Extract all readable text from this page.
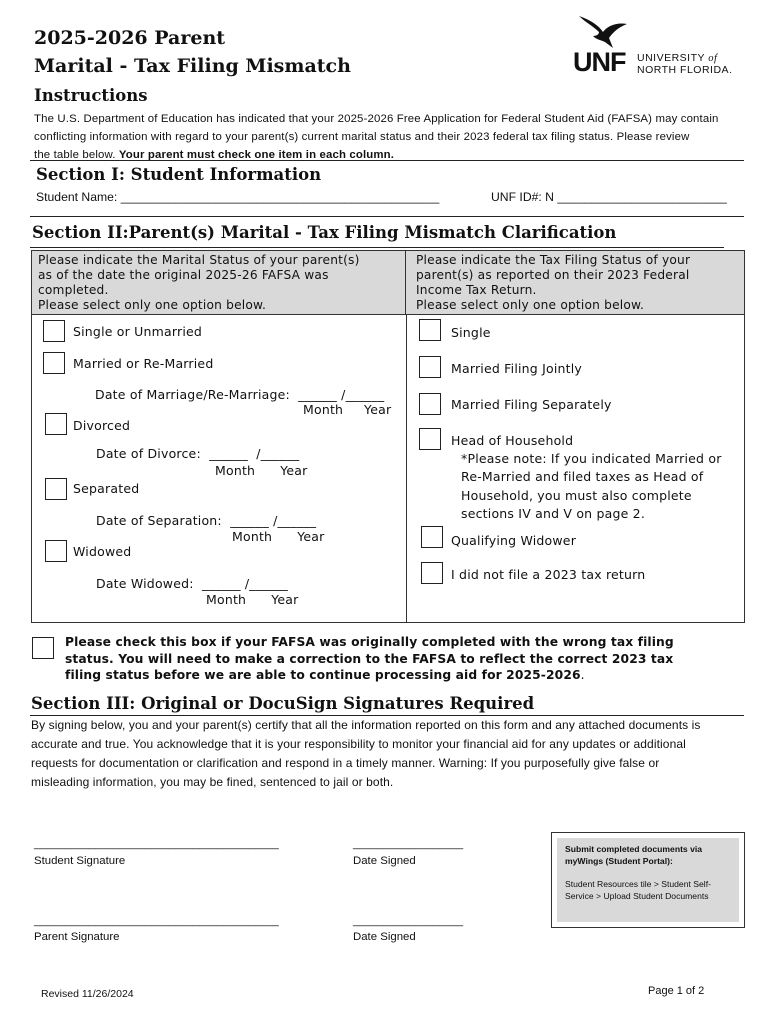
2025-2026 Parent
Marital - Tax Filing Mismatch	UNF UNIVERSITY of
NORTH FLORIDA.
Instructions
The U.S. Department of Education has indicated that your 2025-2026 Free Application for Federal Student Aid (FAFSA) may contain
conflicting information with regard to your parent(s) current marital status and their 2023 federal tax filing status. Please review
the table below. Your parent must check one item in each column.
Section I: Student Information
Student Name: _______________________________________________	UNF ID#: N _________________________
Section II:Parent(s) Marital - Tax Filing Mismatch Clarification
Please indicate the Marital Status of your parent(s)
as of the date the original 2025-26 FAFSA was
completed.
Please select only one option below.
Please indicate the Tax Filing Status of your
parent(s) as reported on their 2023 Federal
Income Tax Return.
Please select only one option below.
Single or Unmarried
Married or Re-Married
Date of Marriage/Re-Marriage:  ______ /______
Month     Year
Divorced
Date of Divorce:  ______  /______
Month      Year
Separated
Date of Separation:  ______ /______
Month      Year
Widowed
Date Widowed:  ______ /______
Month      Year
Single
Married Filing Jointly
Married Filing Separately
Head of Household
*Please note: If you indicated Married or
Re-Married and filed taxes as Head of
Household, you must also complete
sections IV and V on page 2.
Qualifying Widower
I did not file a 2023 tax return
Please check this box if your FAFSA was originally completed with the wrong tax filing
status. You will need to make a correction to the FAFSA to reflect the correct 2023 tax
filing status before we are able to continue processing aid for 2025-2026.
Section III: Original or DocuSign Signatures Required
By signing below, you and your parent(s) certify that all the information reported on this form and any attached documents is
accurate and true. You acknowledge that it is your responsibility to monitor your financial aid for any updates or additional
requests for documentation or clarification and respond in a timely manner. Warning: If you purposefully give false or
misleading information, you may be fined, sentenced to jail or both.
________________________________________
Student Signature
__________________
Date Signed
________________________________________
Parent Signature
__________________
Date Signed
Submit completed documents via
myWings (Student Portal):
Student Resources tile > Student Self-
Service > Upload Student Documents
Revised 11/26/2024	Page 1 of 2
